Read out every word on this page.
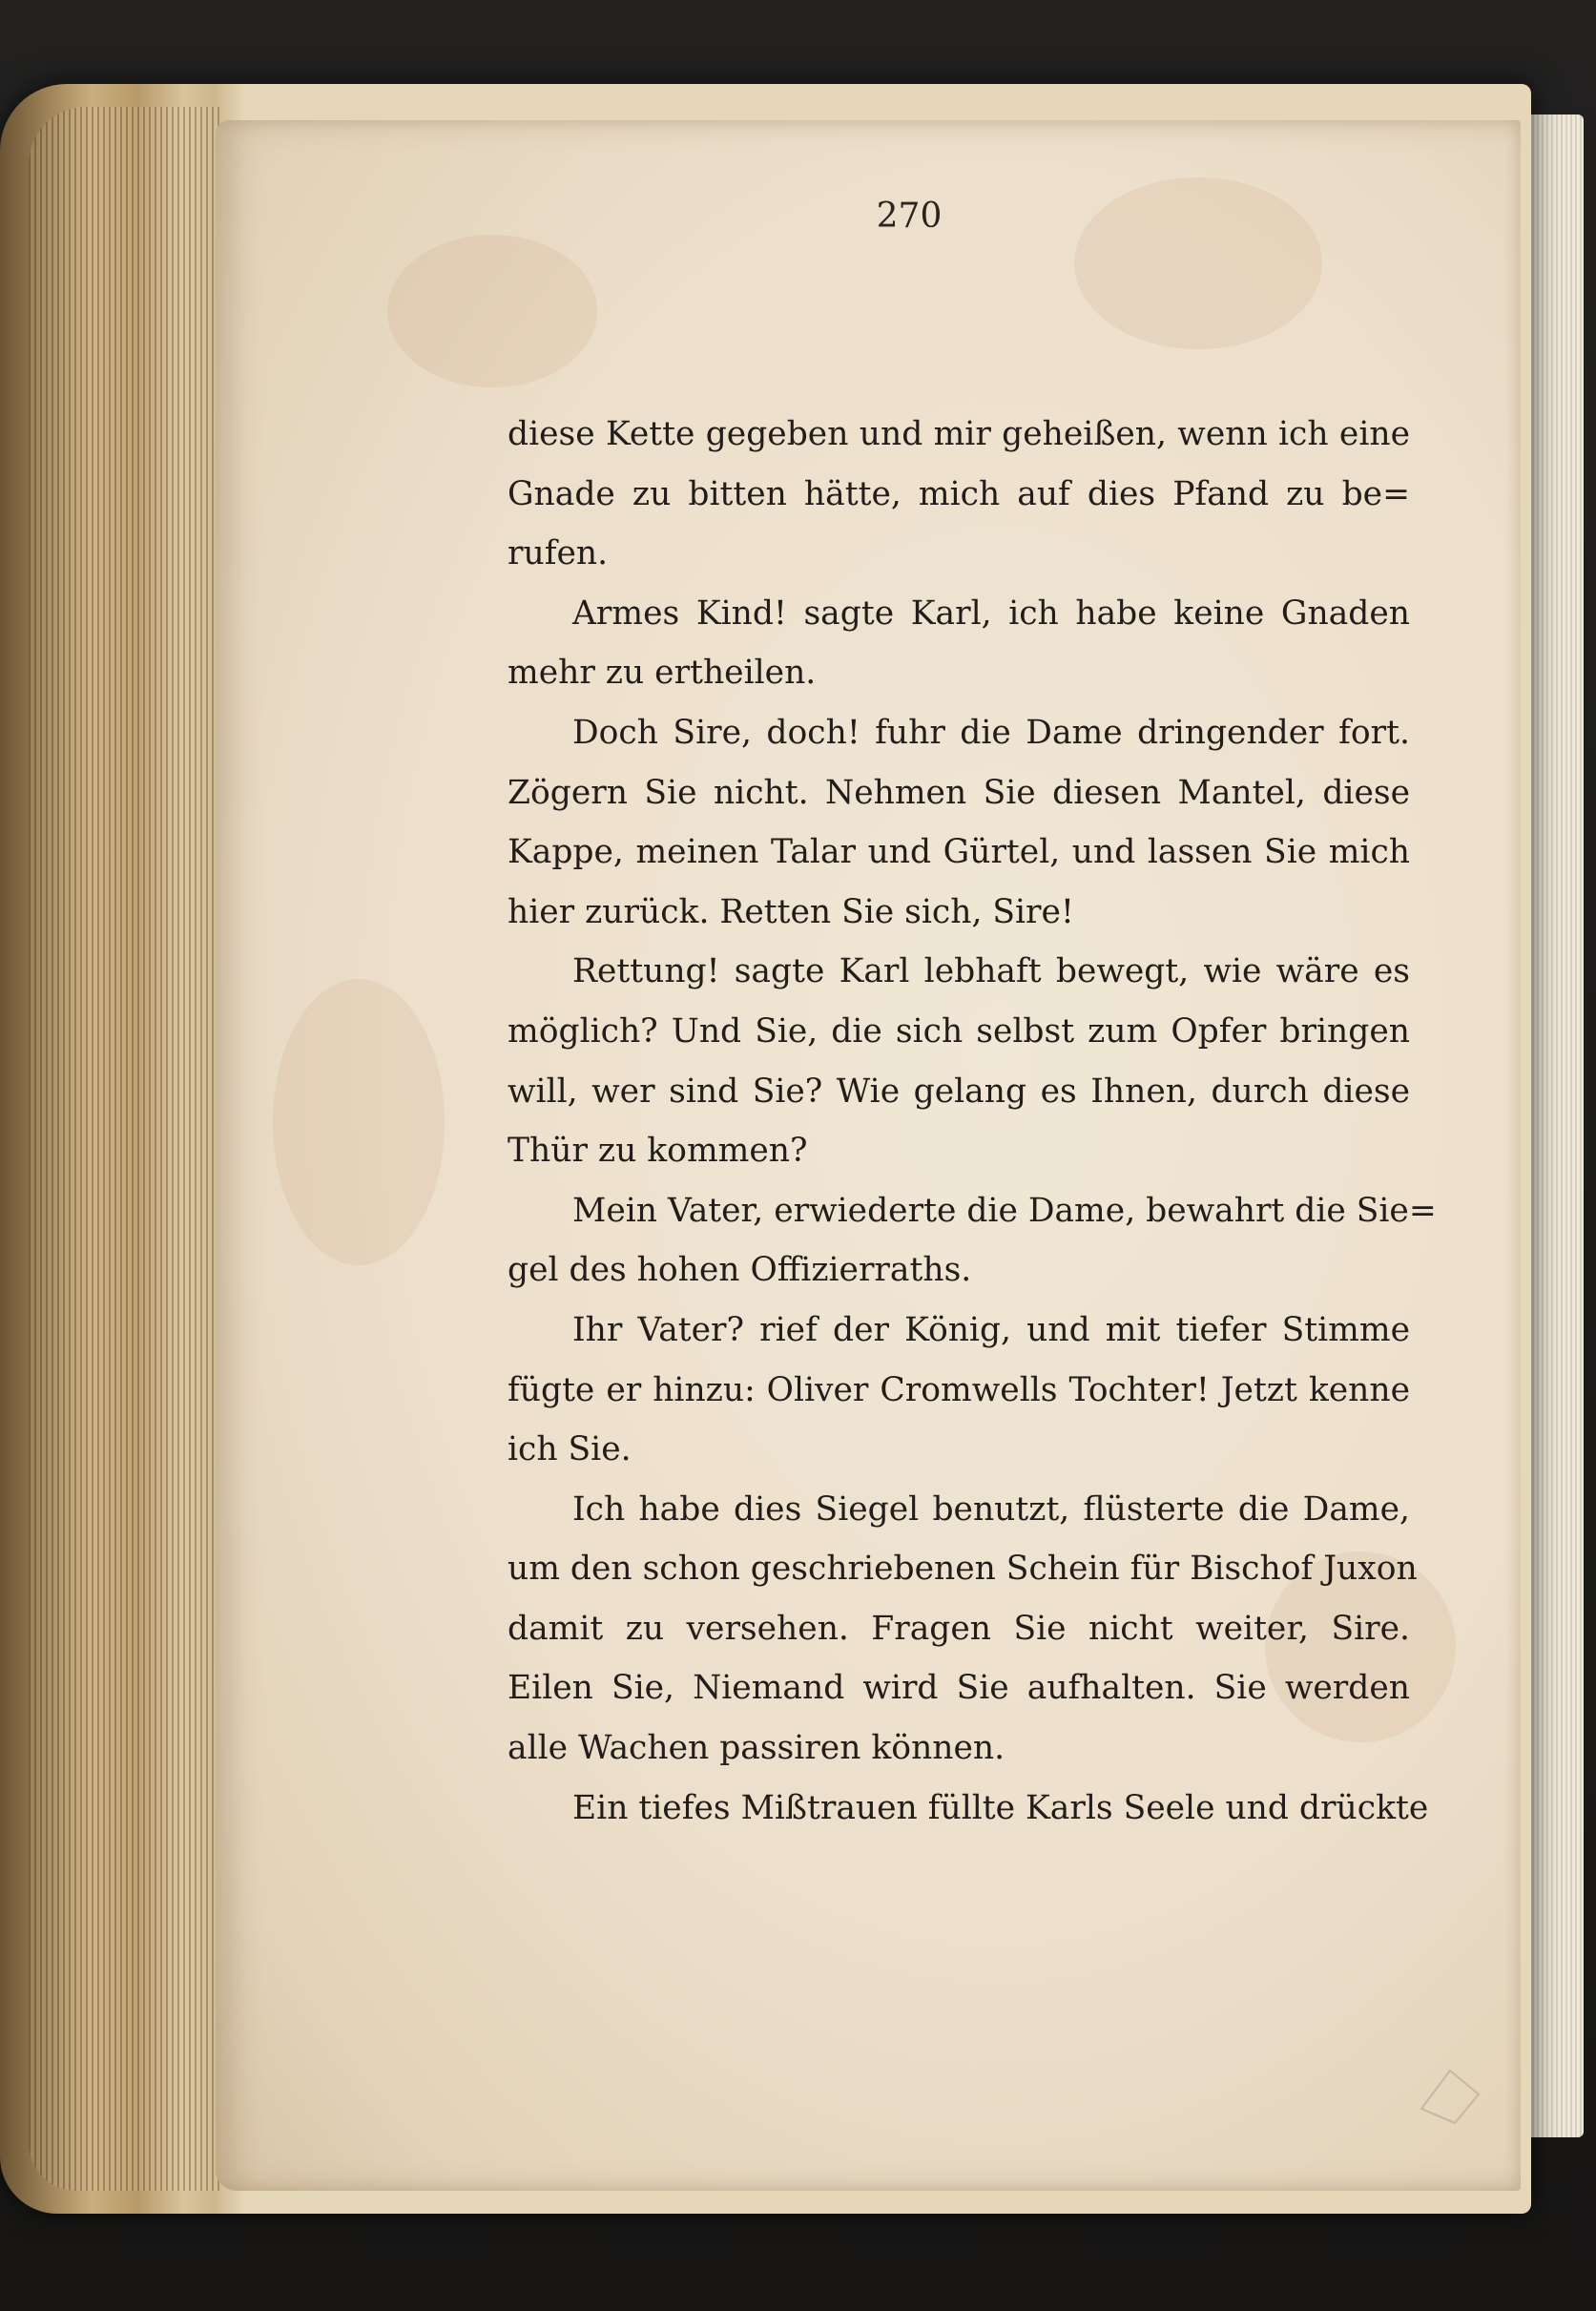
270
diese Kette gegeben und mir geheißen, wenn ich eine
Gnade zu bitten hätte, mich auf dies Pfand zu be=
rufen.
Armes Kind! sagte Karl, ich habe keine Gnaden
mehr zu ertheilen.
Doch Sire, doch! fuhr die Dame dringender fort.
Zögern Sie nicht. Nehmen Sie diesen Mantel, diese
Kappe, meinen Talar und Gürtel, und lassen Sie mich
hier zurück. Retten Sie sich, Sire!
Rettung! sagte Karl lebhaft bewegt, wie wäre es
möglich? Und Sie, die sich selbst zum Opfer bringen
will, wer sind Sie? Wie gelang es Ihnen, durch diese
Thür zu kommen?
Mein Vater, erwiederte die Dame, bewahrt die Sie=
gel des hohen Offizierraths.
Ihr Vater? rief der König, und mit tiefer Stimme
fügte er hinzu: Oliver Cromwells Tochter! Jetzt kenne
ich Sie.
Ich habe dies Siegel benutzt, flüsterte die Dame,
um den schon geschriebenen Schein für Bischof Juxon
damit zu versehen. Fragen Sie nicht weiter, Sire.
Eilen Sie, Niemand wird Sie aufhalten. Sie werden
alle Wachen passiren können.
Ein tiefes Mißtrauen füllte Karls Seele und drückte
